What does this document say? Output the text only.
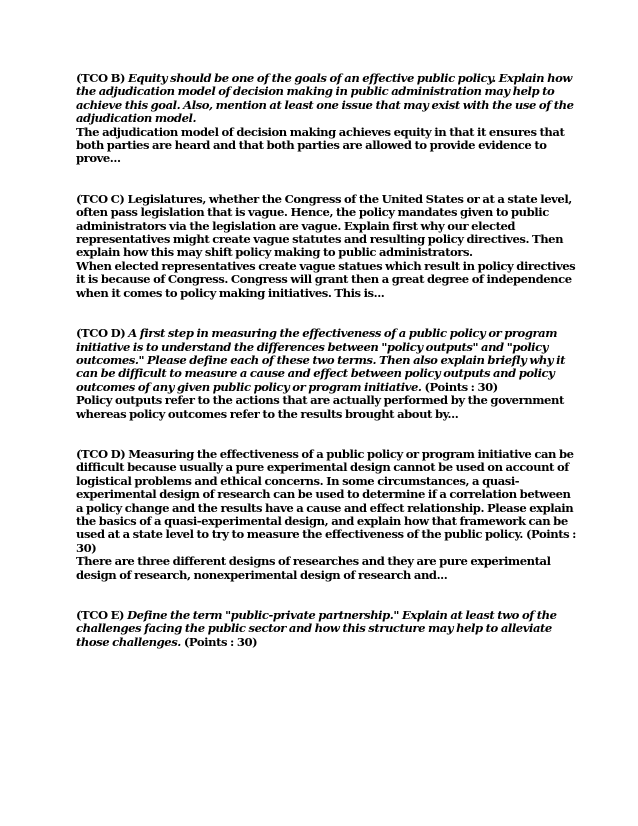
(TCO B) Equity should be one of the goals of an effective public policy. Explain how the adjudication model of decision making in public administration may help to achieve this goal. Also, mention at least one issue that may exist with the use of the adjudication model.
The adjudication model of decision making achieves equity in that it ensures that both parties are heard and that both parties are allowed to provide evidence to prove...
(TCO C) Legislatures, whether the Congress of the United States or at a state level, often pass legislation that is vague. Hence, the policy mandates given to public administrators via the legislation are vague. Explain first why our elected representatives might create vague statutes and resulting policy directives. Then explain how this may shift policy making to public administrators.
When elected representatives create vague statues which result in policy directives it is because of Congress. Congress will grant then a great degree of independence when it comes to policy making initiatives. This is...
(TCO D) A first step in measuring the effectiveness of a public policy or program initiative is to understand the differences between "policy outputs" and "policy outcomes." Please define each of these two terms. Then also explain briefly why it can be difficult to measure a cause and effect between policy outputs and policy outcomes of any given public policy or program initiative. (Points : 30)
Policy outputs refer to the actions that are actually performed by the government whereas policy outcomes refer to the results brought about by...
(TCO D) Measuring the effectiveness of a public policy or program initiative can be difficult because usually a pure experimental design cannot be used on account of logistical problems and ethical concerns. In some circumstances, a quasi-experimental design of research can be used to determine if a correlation between a policy change and the results have a cause and effect relationship. Please explain the basics of a quasi-experimental design, and explain how that framework can be used at a state level to try to measure the effectiveness of the public policy. (Points : 30)
There are three different designs of researches and they are pure experimental design of research, nonexperimental design of research and...
(TCO E) Define the term "public-private partnership." Explain at least two of the challenges facing the public sector and how this structure may help to alleviate those challenges. (Points : 30)
